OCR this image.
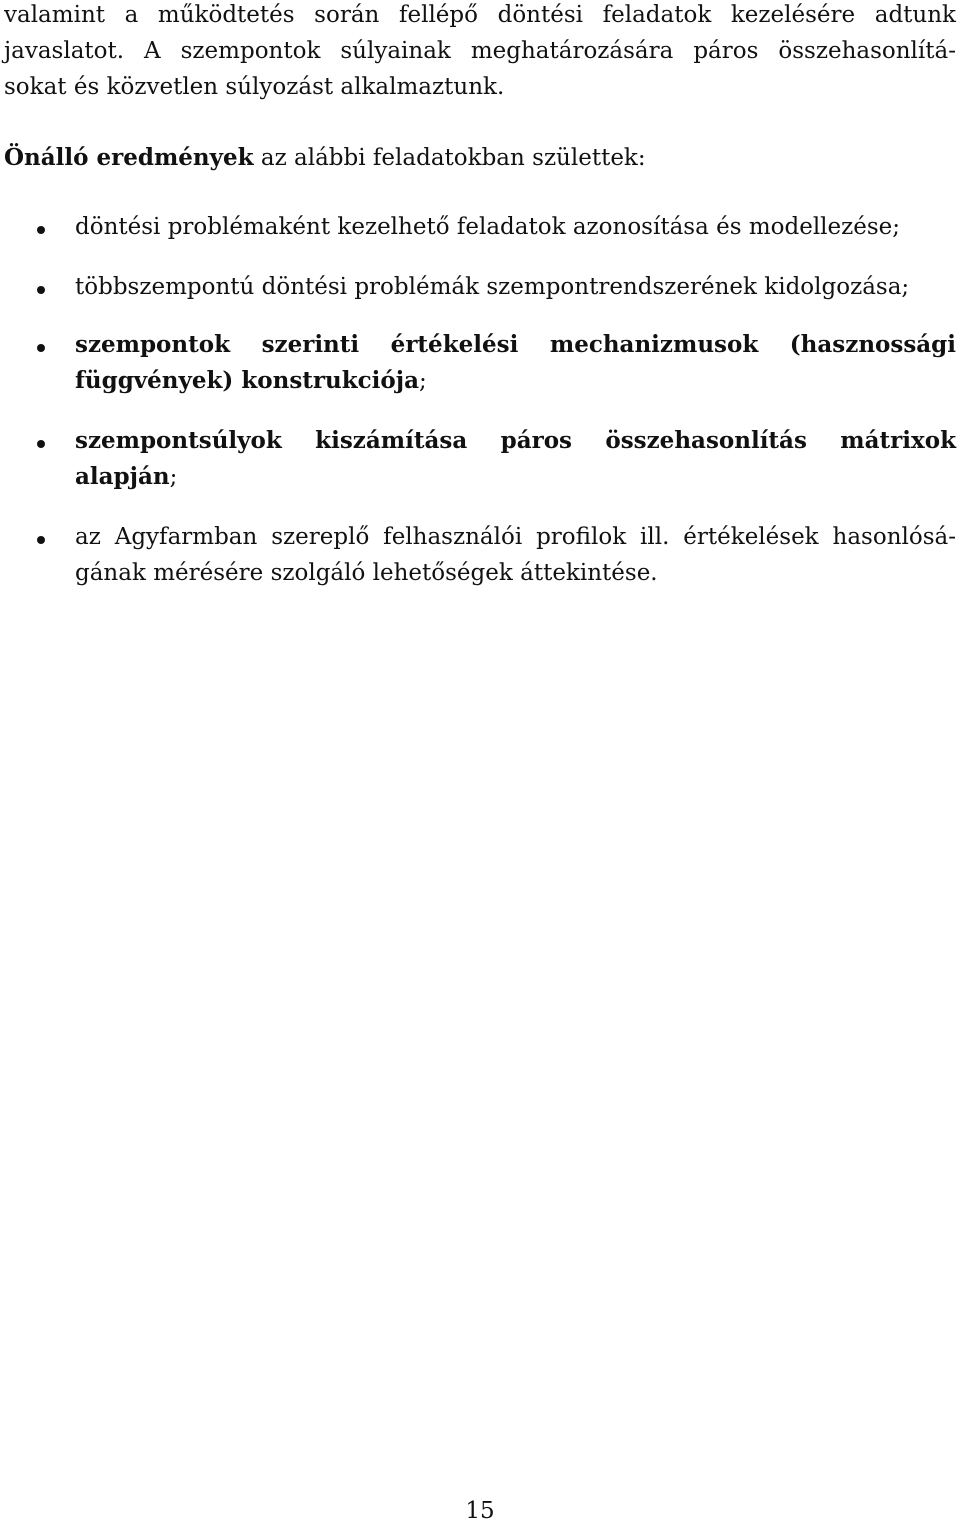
valamint a működtetés során fellépő döntési feladatok kezelésére adtunk
javaslatot. A szempontok súlyainak meghatározására páros összehasonlítá-
sokat és közvetlen súlyozást alkalmaztunk.
Önálló eredmények az alábbi feladatokban születtek:
döntési problémaként kezelhető feladatok azonosítása és modellezése;
többszempontú döntési problémák szempontrendszerének kidolgozása;
szempontok szerinti értékelési mechanizmusok (hasznossági
függvények) konstrukciója;
szempontsúlyok kiszámítása páros összehasonlítás mátrixok
alapján;
az Agyfarmban szereplő felhasználói profilok ill. értékelések hasonlósá-
gának mérésére szolgáló lehetőségek áttekintése.
15
